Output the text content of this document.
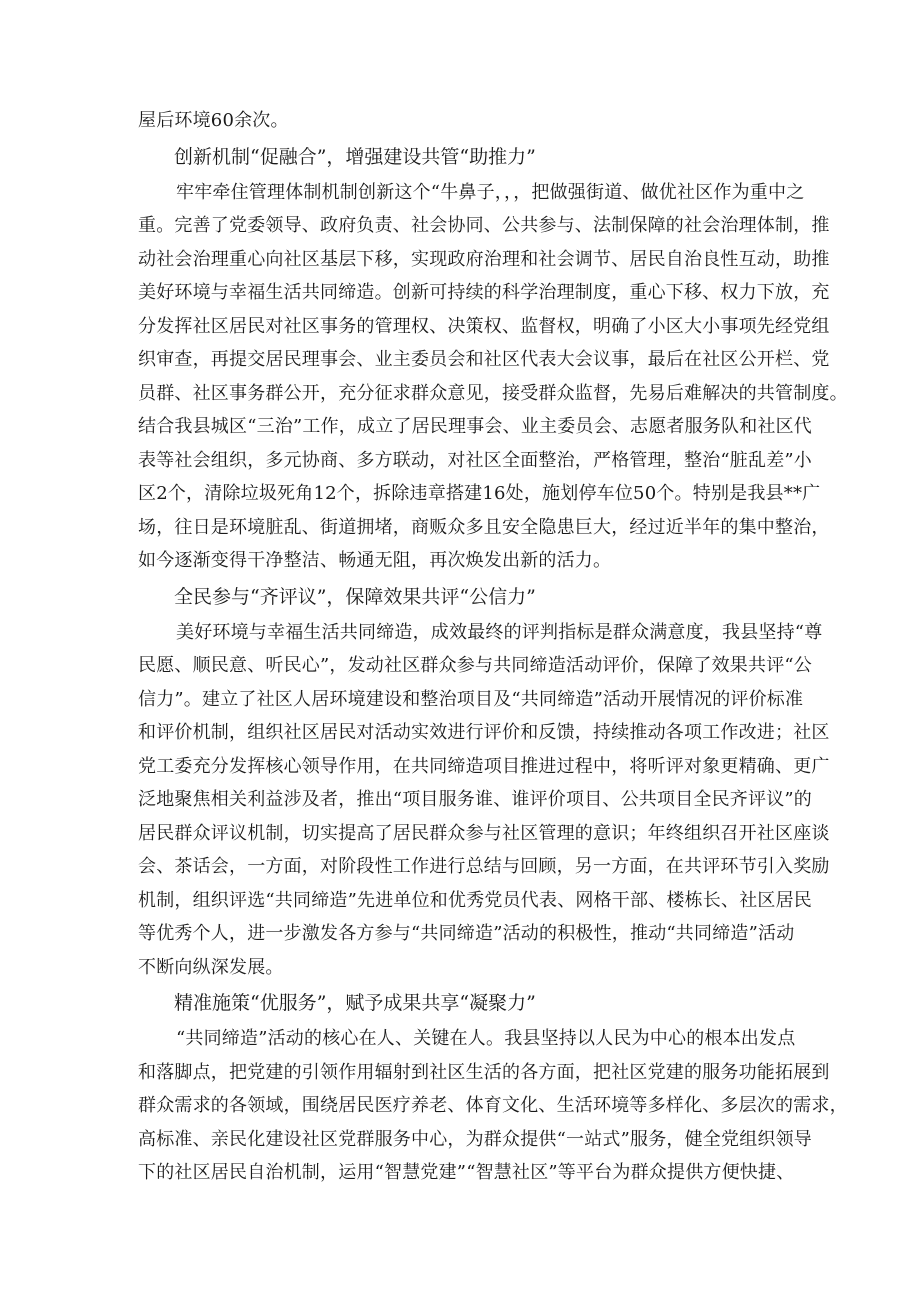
屋后环境60余次。
创新机制“促融合”，增强建设共管“助推力”
牢牢牵住管理体制机制创新这个“牛鼻子，，，把做强街道、做优社区作为重中之
重。完善了党委领导、政府负责、社会协同、公共参与、法制保障的社会治理体制，推
动社会治理重心向社区基层下移，实现政府治理和社会调节、居民自治良性互动，助推
美好环境与幸福生活共同缔造。创新可持续的科学治理制度，重心下移、权力下放，充
分发挥社区居民对社区事务的管理权、决策权、监督权，明确了小区大小事项先经党组
织审查，再提交居民理事会、业主委员会和社区代表大会议事，最后在社区公开栏、党
员群、社区事务群公开，充分征求群众意见，接受群众监督，先易后难解决的共管制度。
结合我县城区“三治”工作，成立了居民理事会、业主委员会、志愿者服务队和社区代
表等社会组织，多元协商、多方联动，对社区全面整治，严格管理，整治“脏乱差”小
区2个，清除垃圾死角12个，拆除违章搭建16处，施划停车位50个。特别是我县**广
场，往日是环境脏乱、街道拥堵，商贩众多且安全隐患巨大，经过近半年的集中整治，
如今逐渐变得干净整洁、畅通无阻，再次焕发出新的活力。
全民参与“齐评议”，保障效果共评“公信力”
美好环境与幸福生活共同缔造，成效最终的评判指标是群众满意度，我县坚持“尊
民愿、顺民意、听民心”，发动社区群众参与共同缔造活动评价，保障了效果共评“公
信力”。建立了社区人居环境建设和整治项目及“共同缔造”活动开展情况的评价标准
和评价机制，组织社区居民对活动实效进行评价和反馈，持续推动各项工作改进；社区
党工委充分发挥核心领导作用，在共同缔造项目推进过程中，将听评对象更精确、更广
泛地聚焦相关利益涉及者，推出“项目服务谁、谁评价项目、公共项目全民齐评议”的
居民群众评议机制，切实提高了居民群众参与社区管理的意识；年终组织召开社区座谈
会、茶话会，一方面，对阶段性工作进行总结与回顾，另一方面，在共评环节引入奖励
机制，组织评选“共同缔造”先进单位和优秀党员代表、网格干部、楼栋长、社区居民
等优秀个人，进一步激发各方参与“共同缔造”活动的积极性，推动“共同缔造”活动
不断向纵深发展。
精准施策“优服务”，赋予成果共享“凝聚力”
“共同缔造”活动的核心在人、关键在人。我县坚持以人民为中心的根本出发点
和落脚点，把党建的引领作用辐射到社区生活的各方面，把社区党建的服务功能拓展到
群众需求的各领域，围绕居民医疗养老、体育文化、生活环境等多样化、多层次的需求，
高标准、亲民化建设社区党群服务中心，为群众提供“一站式”服务，健全党组织领导
下的社区居民自治机制，运用“智慧党建”“智慧社区”等平台为群众提供方便快捷、
